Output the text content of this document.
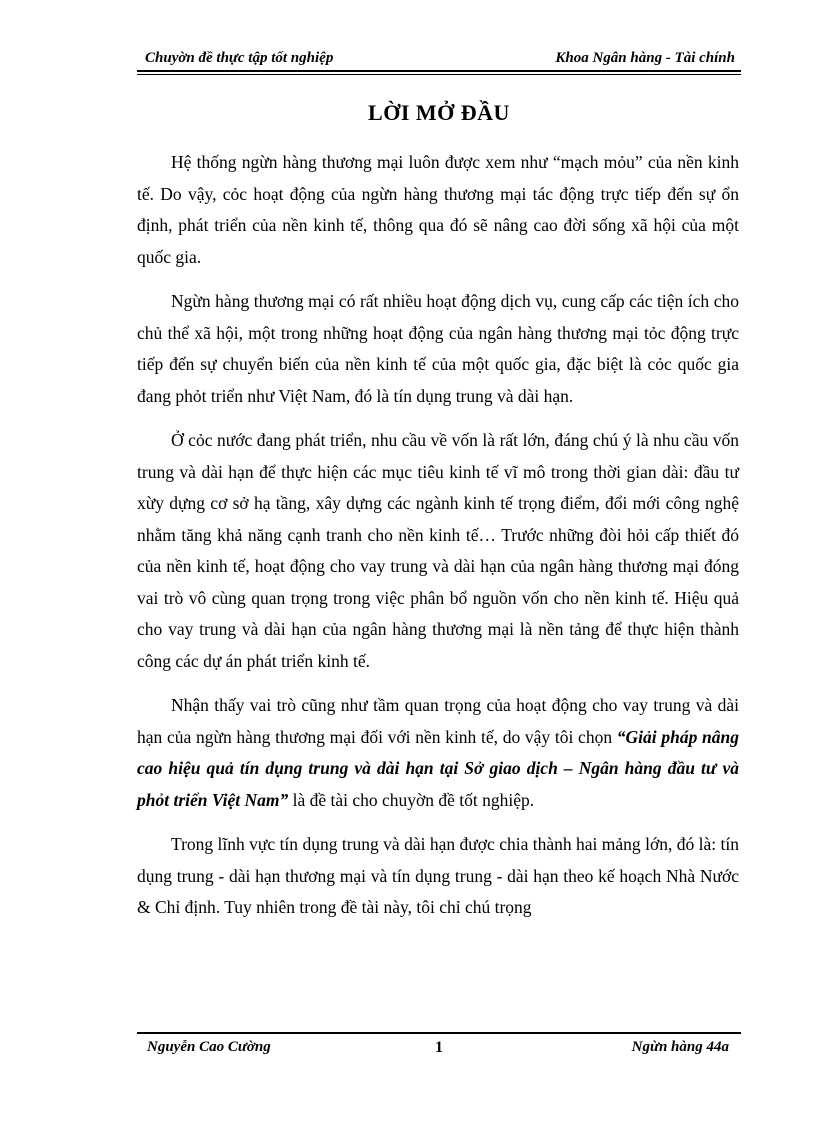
Chuyờn đề thực tập tốt nghiệp	Khoa Ngân hàng - Tài chính
LỜI MỞ ĐẦU

Hệ thống ngừn hàng thương mại luôn được xem như “mạch mỏu” của nền kinh tế. Do vậy, cỏc hoạt động của ngừn hàng thương mại tác động trực tiếp đến sự ổn định, phát triển của nền kinh tế, thông qua đó sẽ nâng cao đời sống xã hội của một quốc gia.

Ngừn hàng thương mại có rất nhiều hoạt động dịch vụ, cung cấp các tiện ích cho chủ thể xã hội, một trong những hoạt động của ngân hàng thương mại tỏc động trực tiếp đến sự chuyển biến của nền kinh tế của một quốc gia, đặc biệt là cỏc quốc gia đang phỏt triển như Việt Nam, đó là tín dụng trung và dài hạn.

Ở cỏc nước đang phát triển, nhu cầu về vốn là rất lớn, đáng chú ý là nhu cầu vốn trung và dài hạn để thực hiện các mục tiêu kinh tế vĩ mô trong thời gian dài: đầu tư xừy dựng cơ sở hạ tầng, xây dựng các ngành kinh tế trọng điểm, đổi mới công nghệ nhằm tăng khả năng cạnh tranh cho nền kinh tế… Trước những đòi hỏi cấp thiết đó của nền kinh tế, hoạt động cho vay trung và dài hạn của ngân hàng thương mại đóng vai trò vô cùng quan trọng trong việc phân bổ nguồn vốn cho nền kinh tế. Hiệu quả cho vay trung và dài hạn của ngân hàng thương mại là nền tảng để thực hiện thành công các dự án phát triển kinh tế.

Nhận thấy vai trò cũng như tầm quan trọng của hoạt động cho vay trung và dài hạn của ngừn hàng thương mại đối với nền kinh tế, do vậy tôi chọn “Giải pháp nâng cao hiệu quả tín dụng trung và dài hạn tại Sở giao dịch – Ngân hàng đầu tư và phỏt triển Việt Nam” là đề tài cho chuyờn đề tốt nghiệp.

Trong lĩnh vực tín dụng trung và dài hạn được chia thành hai mảng lớn, đó là: tín dụng trung - dài hạn thương mại và tín dụng trung - dài hạn theo kế hoạch Nhà Nước & Chỉ định. Tuy nhiên trong đề tài này, tôi chỉ chú trọng

Nguyễn Cao Cường	1	Ngừn hàng 44a
